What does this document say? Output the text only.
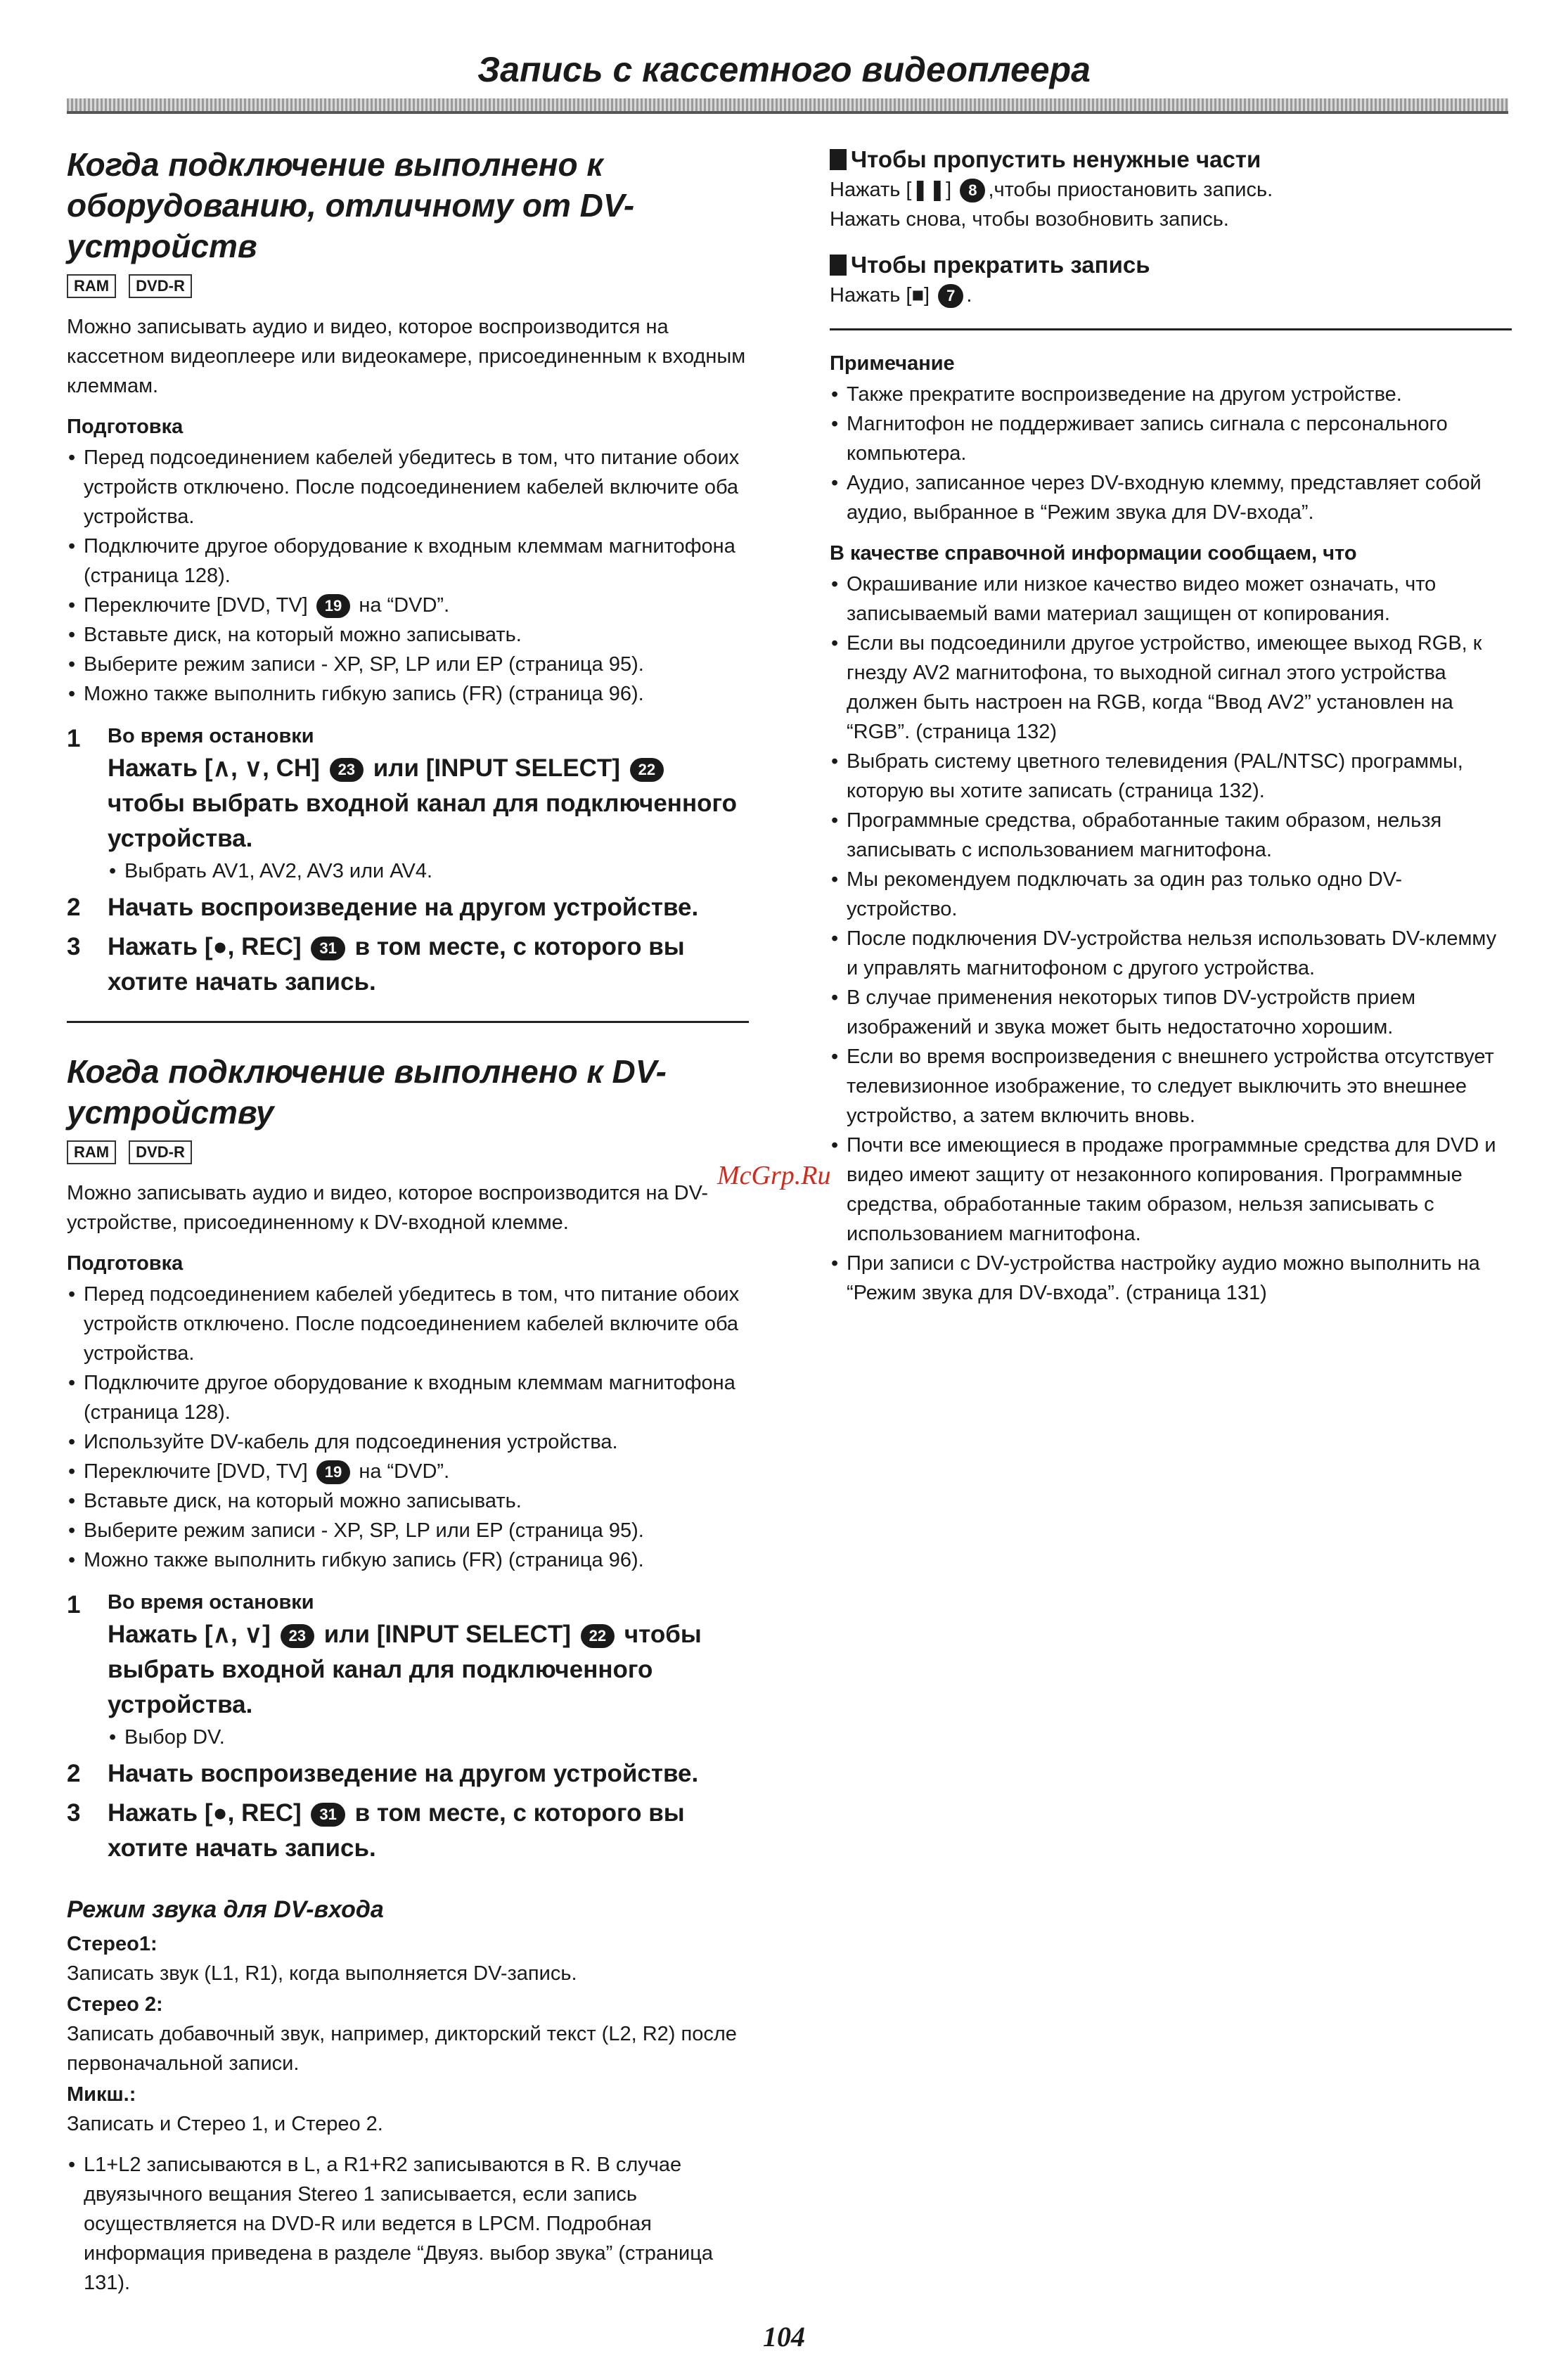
Запись с кассетного видеоплеера
Когда подключение выполнено к оборудованию, отличному от DV-устройств
RAM DVD-R

Можно записывать аудио и видео, которое воспроизводится на кассетном видеоплеере или видеокамере, присоединенным к входным клеммам.

Подготовка
• Перед подсоединением кабелей убедитесь в том, что питание обоих устройств отключено. После подсоединением кабелей включите оба устройства.
• Подключите другое оборудование к входным клеммам магнитофона (страница 128).
• Переключите [DVD, TV] 19 на “DVD”.
• Вставьте диск, на который можно записывать.
• Выберите режим записи - XP, SP, LP или EP (страница 95).
• Можно также выполнить гибкую запись (FR) (страница 96).
1	Во время остановки
Нажать [∧, ∨, CH] 23 или [INPUT SELECT] 22 чтобы выбрать входной канал для подключенного устройства.
• Выбрать AV1, AV2, AV3 или AV4.
2	Начать воспроизведение на другом устройстве.
3	Нажать [●, REC] 31 в том месте, с которого вы хотите начать запись.
Когда подключение выполнено к DV-устройству
RAM DVD-R

Можно записывать аудио и видео, которое воспроизводится на DV-устройстве, присоединенному к DV-входной клемме.

Подготовка
• Перед подсоединением кабелей убедитесь в том, что питание обоих устройств отключено. После подсоединением кабелей включите оба устройства.
• Подключите другое оборудование к входным клеммам магнитофона (страница 128).
• Используйте DV-кабель для подсоединения устройства.
• Переключите [DVD, TV] 19 на “DVD”.
• Вставьте диск, на который можно записывать.
• Выберите режим записи - XP, SP, LP или EP (страница 95).
• Можно также выполнить гибкую запись (FR) (страница 96).
1	Во время остановки
Нажать [∧, ∨] 23 или [INPUT SELECT] 22 чтобы выбрать входной канал для подключенного устройства.
• Выбор DV.
2	Начать воспроизведение на другом устройстве.
3	Нажать [●, REC] 31 в том месте, с которого вы хотите начать запись.
Режим звука для DV-входа

Стерео1:

Записать звук (L1, R1), когда выполняется DV-запись.

Стерео 2:

Записать добавочный звук, например, дикторский текст (L2, R2) после первоначальной записи.

Микш.:

Записать и Стерео 1, и Стерео 2.

• L1+L2 записываются в L, а R1+R2 записываются в R. В случае двуязычного вещания Stereo 1 записывается, если запись осуществляется на DVD-R или ведется в LPCM. Подробная информация приведена в разделе “Двуяз. выбор звука” (страница 131).
Чтобы пропустить ненужные части
Нажать [❚❚] 8 ,чтобы приостановить запись.
Нажать снова, чтобы возобновить запись.
Чтобы прекратить запись
Нажать [■] 7 .
Примечание
• Также прекратите воспроизведение на другом устройстве.
• Магнитофон не поддерживает запись сигнала с персонального компьютера.
• Аудио, записанное через DV-входную клемму, представляет собой аудио, выбранное в “Режим звука для DV-входа”.
В качестве справочной информации сообщаем, что
• Окрашивание или низкое качество видео может означать, что записываемый вами материал защищен от копирования.
• Если вы подсоединили другое устройство, имеющее выход RGB, к гнезду AV2 магнитофона, то выходной сигнал этого устройства должен быть настроен на RGB, когда “Ввод AV2” установлен на “RGB”. (страница 132)
• Выбрать систему цветного телевидения (PAL/NTSC) программы, которую вы хотите записать (страница 132).
• Программные средства, обработанные таким образом, нельзя записывать с использованием магнитофона.
• Мы рекомендуем подключать за один раз только одно DV-устройство.
• После подключения DV-устройства нельзя использовать DV-клемму и управлять магнитофоном с другого устройства.
• В случае применения некоторых типов DV-устройств прием изображений и звука может быть недостаточно хорошим.
• Если во время воспроизведения с внешнего устройства отсутствует телевизионное изображение, то следует выключить это внешнее устройство, а затем включить вновь.
• Почти все имеющиеся в продаже программные средства для DVD и видео имеют защиту от незаконного копирования. Программные средства, обработанные таким образом, нельзя записывать с использованием магнитофона.
• При записи с DV-устройства настройку аудио можно выполнить на “Режим звука для DV-входа”. (страница 131)
McGrp.Ru
104
